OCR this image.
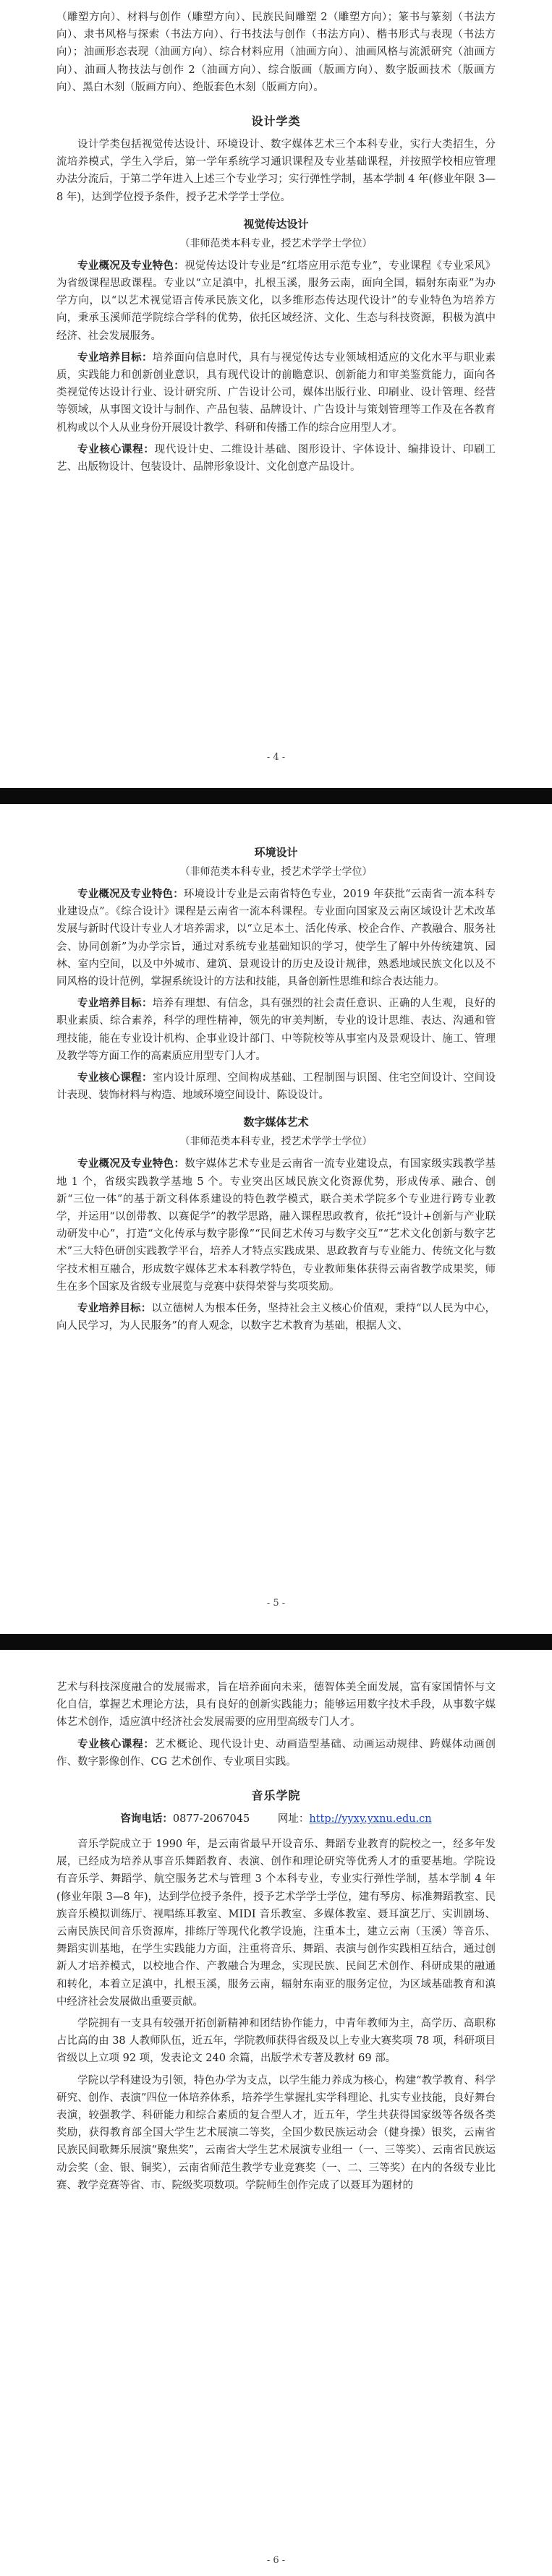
（雕塑方向）、材料与创作（雕塑方向）、民族民间雕塑 2（雕塑方向）；篆书与篆刻（书法方向）、隶书风格与探索（书法方向）、行书技法与创作（书法方向）、楷书形式与表现（书法方向）；油画形态表现（油画方向）、综合材料应用（油画方向）、油画风格与流派研究（油画方向）、油画人物技法与创作 2（油画方向）、综合版画（版画方向）、数字版画技术（版画方向）、黑白木刻（版画方向）、绝版套色木刻（版画方向）。

设计学类

设计学类包括视觉传达设计、环境设计、数字媒体艺术三个本科专业，实行大类招生，分流培养模式，学生入学后，第一学年系统学习通识课程及专业基础课程，并按照学校相应管理办法分流后，于第二学年进入上述三个专业学习；实行弹性学制，基本学制 4 年(修业年限 3—8 年)，达到学位授予条件，授予艺术学学士学位。

视觉传达设计
（非师范类本科专业，授艺术学学士学位）

专业概况及专业特色：视觉传达设计专业是“红塔应用示范专业”，专业课程《专业采风》为省级课程思政课程。专业以“立足滇中，扎根玉溪，服务云南，面向全国，辐射东南亚”为办学方向，以“以艺术视觉语言传承民族文化，以多维形态传达现代设计”的专业特色为培养方向，秉承玉溪师范学院综合学科的优势，依托区域经济、文化、生态与科技资源，积极为滇中经济、社会发展服务。

专业培养目标：培养面向信息时代，具有与视觉传达专业领域相适应的文化水平与职业素质，实践能力和创新创业意识，具有现代设计的前瞻意识、创新能力和审美鉴赏能力，面向各类视觉传达设计行业、设计研究所、广告设计公司，媒体出版行业、印刷业、设计管理、经营等领域，从事图文设计与制作、产品包装、品牌设计、广告设计与策划管理等工作及在各教育机构或以个人从业身份开展设计教学、科研和传播工作的综合应用型人才。

专业核心课程：现代设计史、二维设计基础、图形设计、字体设计、编排设计、印刷工艺、出版物设计、包装设计、品牌形象设计、文化创意产品设计。

- 4 -
环境设计
（非师范类本科专业，授艺术学学士学位）

专业概况及专业特色：环境设计专业是云南省特色专业，2019 年获批“云南省一流本科专业建设点”。《综合设计》课程是云南省一流本科课程。专业面向国家及云南区域设计艺术改革发展与新时代设计专业人才培养需求，以“立足本土、活化传承、校企合作、产教融合、服务社会、协同创新”为办学宗旨，通过对系统专业基础知识的学习，使学生了解中外传统建筑、园林、室内空间，以及中外城市、建筑、景观设计的历史及设计规律，熟悉地域民族文化以及不同风格的设计范例，掌握系统设计的方法和技能，具备创新性思维和综合表达能力。

专业培养目标：培养有理想、有信念，具有强烈的社会责任意识、正确的人生观，良好的职业素质、综合素养，科学的理性精神，领先的审美判断，专业的设计思维、表达、沟通和管理技能，能在专业设计机构、企事业设计部门、中等院校等从事室内及景观设计、施工、管理及教学等方面工作的高素质应用型专门人才。

专业核心课程：室内设计原理、空间构成基础、工程制图与识图、住宅空间设计、空间设计表现、装饰材料与构造、地域环境空间设计、陈设设计。

数字媒体艺术
（非师范类本科专业，授艺术学学士学位）

专业概况及专业特色：数字媒体艺术专业是云南省一流专业建设点，有国家级实践教学基地 1 个，省级实践教学基地 5 个。专业突出区域民族文化资源优势，形成传承、融合、创新“三位一体”的基于新文科体系建设的特色教学模式，联合美术学院多个专业进行跨专业教学，并运用“以创带教、以赛促学”的教学思路，融入课程思政教育，依托“设计+创新与产业联动研发中心”，打造“文化传承与数字影像”“民间艺术传习与数字交互”“艺术文化创新与数字艺术”三大特色研创实践教学平台，培养人才特点实践成果、思政教育与专业能力、传统文化与数字技术相互融合，形成数字媒体艺术本科教学特色，专业教师集体获得云南省教学成果奖，师生在多个国家及省级专业展览与竞赛中获得荣誉与奖项奖励。

专业培养目标：以立德树人为根本任务，坚持社会主义核心价值观，秉持“以人民为中心，向人民学习，为人民服务”的育人观念，以数字艺术教育为基础，根据人文、

- 5 -

艺术与科技深度融合的发展需求，旨在培养面向未来，德智体美全面发展，富有家国情怀与文化自信，掌握艺术理论方法，具有良好的创新实践能力；能够运用数字技术手段，从事数字媒体艺术创作，适应滇中经济社会发展需要的应用型高级专门人才。

专业核心课程：艺术概论、现代设计史、动画造型基础、动画运动规律、跨媒体动画创作、数字影像创作、CG 艺术创作、专业项目实践。

音乐学院
咨询电话：0877-2067045	网址：http://yyxy.yxnu.edu.cn

音乐学院成立于 1990 年，是云南省最早开设音乐、舞蹈专业教育的院校之一，经多年发展，已经成为培养从事音乐舞蹈教育、表演、创作和理论研究等优秀人才的重要基地。学院设有音乐学、舞蹈学、航空服务艺术与管理 3 个本科专业，专业实行弹性学制，基本学制 4 年(修业年限 3—8 年)，达到学位授予条件，授予艺术学学士学位，建有琴房、标准舞蹈教室、民族音乐模拟训练厅、视唱练耳教室、MIDI 音乐教室、多媒体教室、聂耳演艺厅、实训剧场、云南民族民间音乐资源库，排练厅等现代化教学设施，注重本土，建立云南（玉溪）等音乐、舞蹈实训基地，在学生实践能力方面，注重将音乐、舞蹈、表演与创作实践相互结合，通过创新人才培养模式，以校地合作、产教融合为理念，实现民族、民间艺术创作、科研成果的融通和转化，本着立足滇中，扎根玉溪，服务云南，辐射东南亚的服务定位，为区域基础教育和滇中经济社会发展做出重要贡献。

学院拥有一支具有较强开拓创新精神和团结协作能力，中青年教师为主，高学历、高职称占比高的由 38 人教师队伍，近五年，学院教师获得省级及以上专业大赛奖项 78 项，科研项目省级以上立项 92 项，发表论文 240 余篇，出版学术专著及教材 69 部。

学院以学科建设为引领，特色办学为支点，以学生能力养成为核心，构建“教学教育、科学研究、创作、表演”四位一体培养体系，培养学生掌握扎实学科理论、扎实专业技能，良好舞台表演，较强教学、科研能力和综合素质的复合型人才，近五年，学生共获得国家级等各级各类奖励，获得教育部全国大学生艺术展演二等奖，全国少数民族运动会（健身操）银奖，云南省民族民间歌舞乐展演“聚焦奖”，云南省大学生艺术展演专业组一（一、三等奖）、云南省民族运动会奖（金、银、铜奖），云南省师范生教学专业竞赛奖（一、二、三等奖）在内的各级专业比赛、教学竞赛等省、市、院级奖项数项。学院师生创作完成了以聂耳为题材的

- 6 -
